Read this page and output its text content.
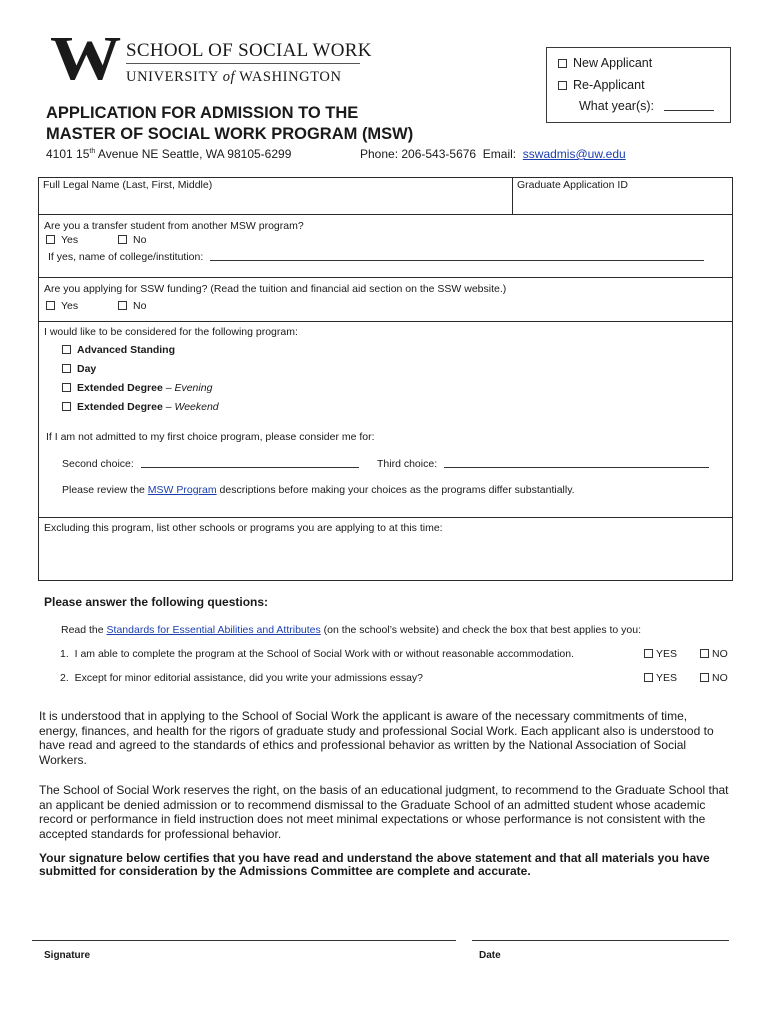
W SCHOOL OF SOCIAL WORK
UNIVERSITY of WASHINGTON
New Applicant
Re-Applicant
What year(s):
APPLICATION FOR ADMISSION TO THE
MASTER OF SOCIAL WORK PROGRAM (MSW)
4101 15th Avenue NE Seattle, WA 98105-6299	Phone: 206-543-5676 Email: sswadmis@uw.edu
Full Legal Name (Last, First, Middle)	Graduate Application ID
Are you a transfer student from another MSW program?
Yes	No
If yes, name of college/institution:
Are you applying for SSW funding? (Read the tuition and financial aid section on the SSW website.)
Yes	No
I would like to be considered for the following program:
Advanced Standing
Day
Extended Degree – Evening
Extended Degree – Weekend
If I am not admitted to my first choice program, please consider me for:
Second choice:	Third choice:
Please review the MSW Program descriptions before making your choices as the programs differ substantially.
Excluding this program, list other schools or programs you are applying to at this time:
Please answer the following questions:
Read the Standards for Essential Abilities and Attributes (on the school’s website) and check the box that best applies to you:
1. I am able to complete the program at the School of Social Work with or without reasonable accommodation.	YES	NO
2. Except for minor editorial assistance, did you write your admissions essay?	YES	NO
It is understood that in applying to the School of Social Work the applicant is aware of the necessary commitments of time, energy, finances, and health for the rigors of graduate study and professional Social Work. Each applicant also is understood to have read and agreed to the standards of ethics and professional behavior as written by the National Association of Social Workers.
The School of Social Work reserves the right, on the basis of an educational judgment, to recommend to the Graduate School that an applicant be denied admission or to recommend dismissal to the Graduate School of an admitted student whose academic record or performance in field instruction does not meet minimal expectations or whose performance is not consistent with the accepted standards for professional behavior.
Your signature below certifies that you have read and understand the above statement and that all materials you have submitted for consideration by the Admissions Committee are complete and accurate.
Signature	Date
